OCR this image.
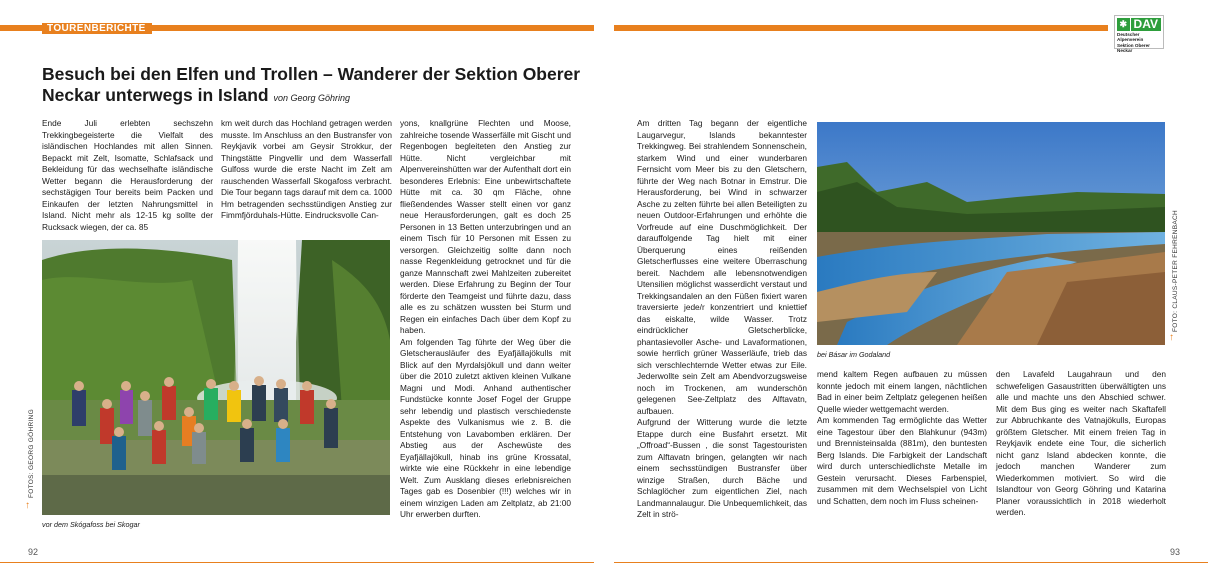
TOURENBERICHTE	✱ DAV
Deutscher Alpenverein
Sektion Oberer Neckar
Besuch bei den Elfen und Trollen – Wanderer der Sektion Oberer Neckar unterwegs in Island von Georg Göhring

Ende Juli erlebten sechszehn Trekkingbegeisterte die Vielfalt des isländischen Hochlandes mit allen Sinnen. Bepackt mit Zelt, Isomatte, Schlafsack und Bekleidung für das wechselhafte isländische Wetter begann die Herausforderung der sechstägigen Tour bereits beim Packen und Einkaufen der letzten Nahrungsmittel in Island. Nicht mehr als 12-15 kg sollte der Rucksack wiegen, der ca. 85

km weit durch das Hochland getragen werden musste. Im Anschluss an den Bustransfer von Reykjavik vorbei am Geysir Strokkur, der Thingstätte Pingvellir und dem Wasserfall Gulfoss wurde die erste Nacht im Zelt am rauschenden Wasserfall Skogafoss verbracht. Die Tour begann tags darauf mit dem ca. 1000 Hm betragenden sechsstündigen Anstieg zur Fimmfjörduhals-Hütte. Eindrucksvolle Can-

yons, knallgrüne Flechten und Moose, zahlreiche tosende Wasserfälle mit Gischt und Regenbogen begleiteten den Anstieg zur Hütte. Nicht vergleichbar mit Alpenvereinshütten war der Aufenthalt dort ein besonderes Erlebnis: Eine unbewirtschaftete Hütte mit ca. 30 qm Fläche, ohne fließendendes Wasser stellt einen vor ganz neue Herausforderungen, galt es doch 25 Personen in 13 Betten unterzubringen und an einem Tisch für 10 Personen mit Essen zu versorgen. Gleichzeitig sollte dann noch nasse Regenkleidung getrocknet und für die ganze Mannschaft zwei Mahlzeiten zubereitet werden. Diese Erfahrung zu Beginn der Tour förderte den Teamgeist und führte dazu, dass alle es zu schätzen wussten bei Sturm und Regen ein einfaches Dach über dem Kopf zu haben.

Am folgenden Tag führte der Weg über die Gletscherausläufer des Eyafjällajökulls mit Blick auf den Myrdalsjökull und dann weiter über die 2010 zuletzt aktiven kleinen Vulkane Magni und Modi. Anhand authentischer Fundstücke konnte Josef Fogel der Gruppe sehr lebendig und plastisch verschiedenste Aspekte des Vulkanismus wie z. B. die Entstehung von Lavabomben erklären. Der Abstieg aus der Aschewüste des Eyafjällajökull, hinab ins grüne Krossatal, wirkte wie eine Rückkehr in eine lebendige Welt. Zum Ausklang dieses erlebnisreichen Tages gab es Dosenbier (!!!) welches wir in einem winzigen Laden am Zeltplatz, ab 21:00 Uhr erwerben durften.

vor dem Skógafoss bei Skogar
FOTOS: GEORG GÖHRING
↑
92

Am dritten Tag begann der eigentliche Laugarvegur, Islands bekanntester Trekkingweg. Bei strahlendem Sonnenschein, starkem Wind und einer wunderbaren Fernsicht vom Meer bis zu den Gletschern, führte der Weg nach Botnar in Emstrur. Die Herausforderung, bei Wind in schwarzer Asche zu zelten führte bei allen Beteiligten zu neuen Outdoor-Erfahrungen und erhöhte die Vorfreude auf eine Duschmöglichkeit. Der darauffolgende Tag hielt mit einer Überquerung eines reißenden Gletscherflusses eine weitere Überraschung bereit. Nachdem alle lebensnotwendigen Utensilien möglichst wasserdicht verstaut und Trekkingsandalen an den Füßen fixiert waren traversierte jede/r konzentriert und kniettief das eiskalte, wilde Wasser. Trotz eindrücklicher Gletscherblicke, phantasievoller Asche- und Lavaformationen, sowie herrlich grüner Wasserläufe, trieb das sich verschlechternde Wetter etwas zur Eile. Jederwollte sein Zelt am Abendvorzugsweise noch im Trockenen, am wunderschön gelegenen See-Zeltplatz des Alftavatn, aufbauen.

Aufgrund der Witterung wurde die letzte Etappe durch eine Busfahrt ersetzt. Mit „Offroad“-Bussen , die sonst Tagestouristen zum Alftavatn bringen, gelangten wir nach einem sechsstündigen Bustransfer über winzige Straßen, durch Bäche und Schlaglöcher zum eigentlichen Ziel, nach Landmannalaugur. Die Unbequemlichkeit, das Zelt in strö-

bei Básar im Godaland
FOTO: CLAUS-PETER FEHRENBACH
↑

mend kaltem Regen aufbauen zu müssen konnte jedoch mit einem langen, nächtlichen Bad in einer beim Zeltplatz gelegenen heißen Quelle wieder wettgemacht werden.

Am kommenden Tag ermöglichte das Wetter eine Tagestour über den Blahkunur (943m) und Brennisteinsalda (881m), den buntesten Berg Islands. Die Farbigkeit der Landschaft wird durch unterschiedlichste Metalle im Gestein verursacht. Dieses Farbenspiel, zusammen mit dem Wechselspiel von Licht und Schatten, dem noch im Fluss scheinen-

den Lavafeld Laugahraun und den schwefeligen Gasaustritten überwältigten uns alle und machte uns den Abschied schwer. Mit dem Bus ging es weiter nach Skaftafell zur Abbruchkante des Vatnajökulls, Europas größtem Gletscher. Mit einem freien Tag in Reykjavik endete eine Tour, die sicherlich nicht ganz Island abdecken konnte, die jedoch manchen Wanderer zum Wiederkommen motiviert. So wird die Islandtour von Georg Göhring und Katarina Planer voraussichtlich in 2018 wiederholt werden.

93
